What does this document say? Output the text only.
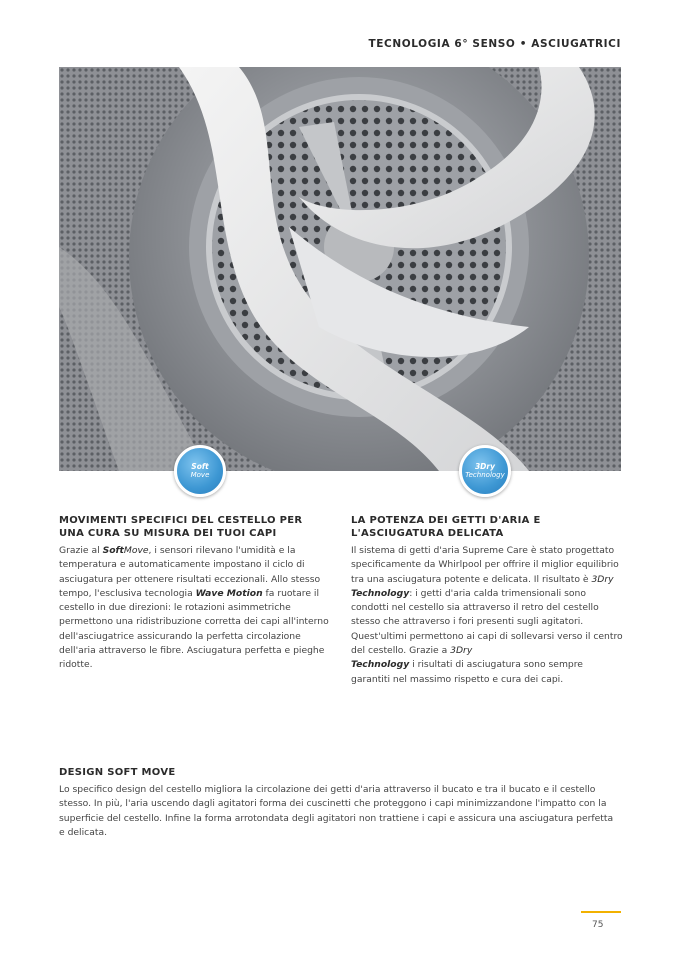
TECNOLOGIA 6° SENSO • ASCIUGATRICI
Soft
Move
3Dry
Technology
MOVIMENTI SPECIFICI DEL CESTELLO PER UNA CURA SU MISURA DEI TUOI CAPI

Grazie al SoftMove, i sensori rilevano l'umidità e la temperatura e automaticamente impostano il ciclo di asciugatura per ottenere risultati eccezionali. Allo stesso tempo, l'esclusiva tecnologia Wave Motion fa ruotare il cestello in due direzioni: le rotazioni asimmetriche permettono una ridistribuzione corretta dei capi all'interno dell'asciugatrice assicurando la perfetta circolazione dell'aria attraverso le fibre. Asciugatura perfetta e pieghe ridotte.

LA POTENZA DEI GETTI D'ARIA E L'ASCIUGATURA DELICATA

Il sistema di getti d'aria Supreme Care è stato progettato specificamente da Whirlpool per offrire il miglior equilibrio tra una asciugatura potente e delicata. Il risultato è 3Dry Technology: i getti d'aria calda trimensionali sono condotti nel cestello sia attraverso il retro del cestello stesso che attraverso i fori presenti sugli agitatori. Quest'ultimi permettono ai capi di sollevarsi verso il centro del cestello. Grazie a 3Dry
Technology i risultati di asciugatura sono sempre garantiti nel massimo rispetto e cura dei capi.

DESIGN SOFT MOVE

Lo specifico design del cestello migliora la circolazione dei getti d'aria attraverso il bucato e tra il bucato e il cestello stesso. In più, l'aria uscendo dagli agitatori forma dei cuscinetti che proteggono i capi minimizzandone l'impatto con la superficie del cestello. Infine la forma arrotondata degli agitatori non trattiene i capi e assicura una asciugatura perfetta e delicata.

75
